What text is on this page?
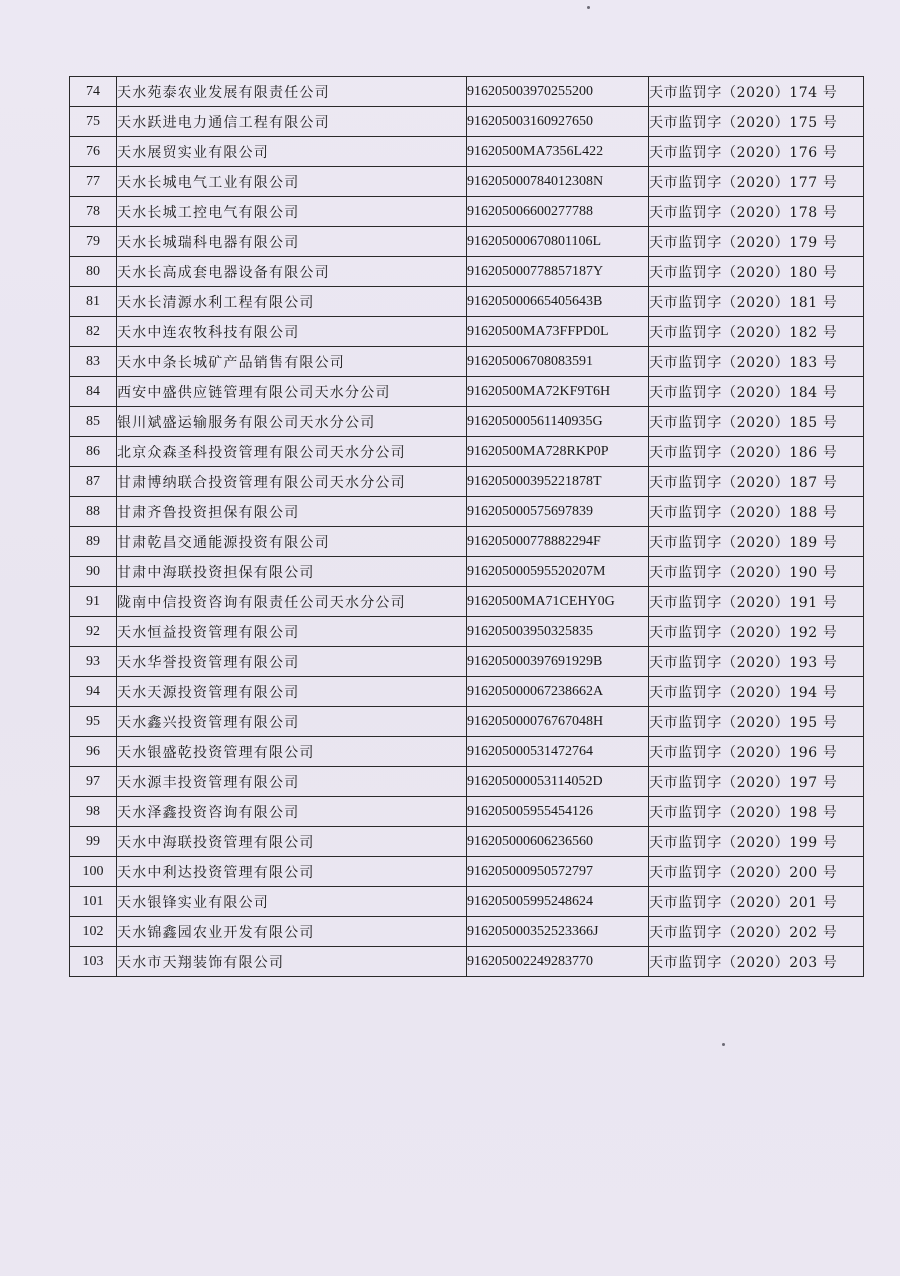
74	天水苑泰农业发展有限责任公司	916205003970255200	天市监罚字（2020）174 号
75	天水跃进电力通信工程有限公司	916205003160927650	天市监罚字（2020）175 号
76	天水展贸实业有限公司	91620500MA7356L422	天市监罚字（2020）176 号
77	天水长城电气工业有限公司	916205000784012308N	天市监罚字（2020）177 号
78	天水长城工控电气有限公司	916205006600277788	天市监罚字（2020）178 号
79	天水长城瑞科电器有限公司	916205000670801106L	天市监罚字（2020）179 号
80	天水长高成套电器设备有限公司	916205000778857187Y	天市监罚字（2020）180 号
81	天水长清源水利工程有限公司	916205000665405643B	天市监罚字（2020）181 号
82	天水中连农牧科技有限公司	91620500MA73FFPD0L	天市监罚字（2020）182 号
83	天水中条长城矿产品销售有限公司	916205006708083591	天市监罚字（2020）183 号
84	西安中盛供应链管理有限公司天水分公司	91620500MA72KF9T6H	天市监罚字（2020）184 号
85	银川斌盛运输服务有限公司天水分公司	916205000561140935G	天市监罚字（2020）185 号
86	北京众森圣科投资管理有限公司天水分公司	91620500MA728RKP0P	天市监罚字（2020）186 号
87	甘肃博纳联合投资管理有限公司天水分公司	916205000395221878T	天市监罚字（2020）187 号
88	甘肃齐鲁投资担保有限公司	916205000575697839	天市监罚字（2020）188 号
89	甘肃乾昌交通能源投资有限公司	916205000778882294F	天市监罚字（2020）189 号
90	甘肃中海联投资担保有限公司	916205000595520207M	天市监罚字（2020）190 号
91	陇南中信投资咨询有限责任公司天水分公司	91620500MA71CEHY0G	天市监罚字（2020）191 号
92	天水恒益投资管理有限公司	916205003950325835	天市监罚字（2020）192 号
93	天水华誉投资管理有限公司	916205000397691929B	天市监罚字（2020）193 号
94	天水天源投资管理有限公司	916205000067238662A	天市监罚字（2020）194 号
95	天水鑫兴投资管理有限公司	916205000076767048H	天市监罚字（2020）195 号
96	天水银盛乾投资管理有限公司	916205000531472764	天市监罚字（2020）196 号
97	天水源丰投资管理有限公司	916205000053114052D	天市监罚字（2020）197 号
98	天水泽鑫投资咨询有限公司	916205005955454126	天市监罚字（2020）198 号
99	天水中海联投资管理有限公司	916205000606236560	天市监罚字（2020）199 号
100	天水中利达投资管理有限公司	916205000950572797	天市监罚字（2020）200 号
101	天水银锋实业有限公司	916205005995248624	天市监罚字（2020）201 号
102	天水锦鑫园农业开发有限公司	916205000352523366J	天市监罚字（2020）202 号
103	天水市天翔装饰有限公司	916205002249283770	天市监罚字（2020）203 号
